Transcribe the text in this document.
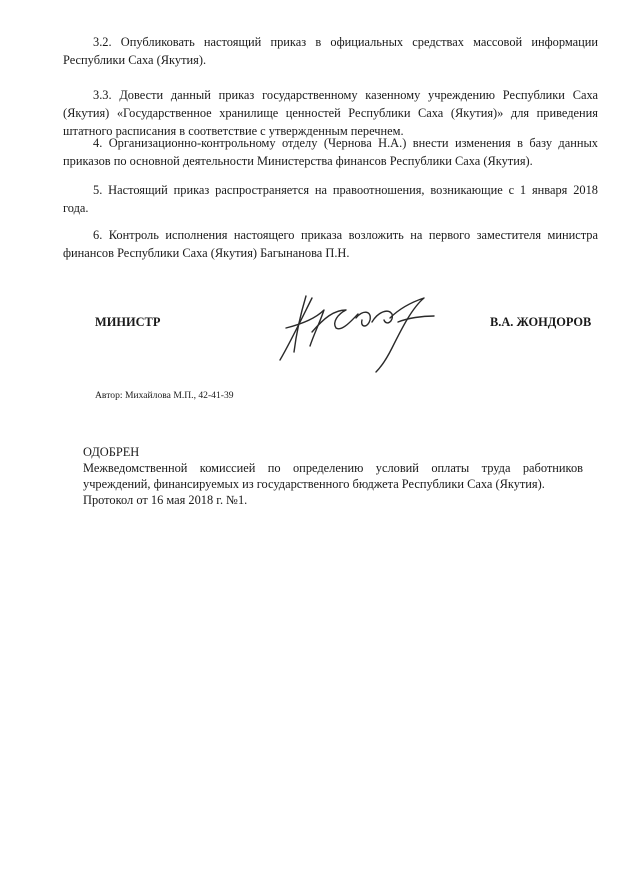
3.2. Опубликовать настоящий приказ в официальных средствах массовой информации Республики Саха (Якутия).

3.3. Довести данный приказ государственному казенному учреждению Республики Саха (Якутия) «Государственное хранилище ценностей Республики Саха (Якутия)» для приведения штатного расписания в соответствие с утвержденным перечнем.

4. Организационно-контрольному отделу (Чернова Н.А.) внести изменения в базу данных приказов по основной деятельности Министерства финансов Республики Саха (Якутия).

5. Настоящий приказ распространяется на правоотношения, возникающие с 1 января 2018 года.

6. Контроль исполнения настоящего приказа возложить на первого заместителя министра финансов Республики Саха (Якутия) Багынанова П.Н.

МИНИСТР	В.А. ЖОНДОРОВ
Автор: Михайлова М.П., 42-41-39

ОДОБРЕН

Межведомственной комиссией по определению условий оплаты труда работников учреждений, финансируемых из государственного бюджета Республики Саха (Якутия).

Протокол от 16 мая 2018 г. №1.
